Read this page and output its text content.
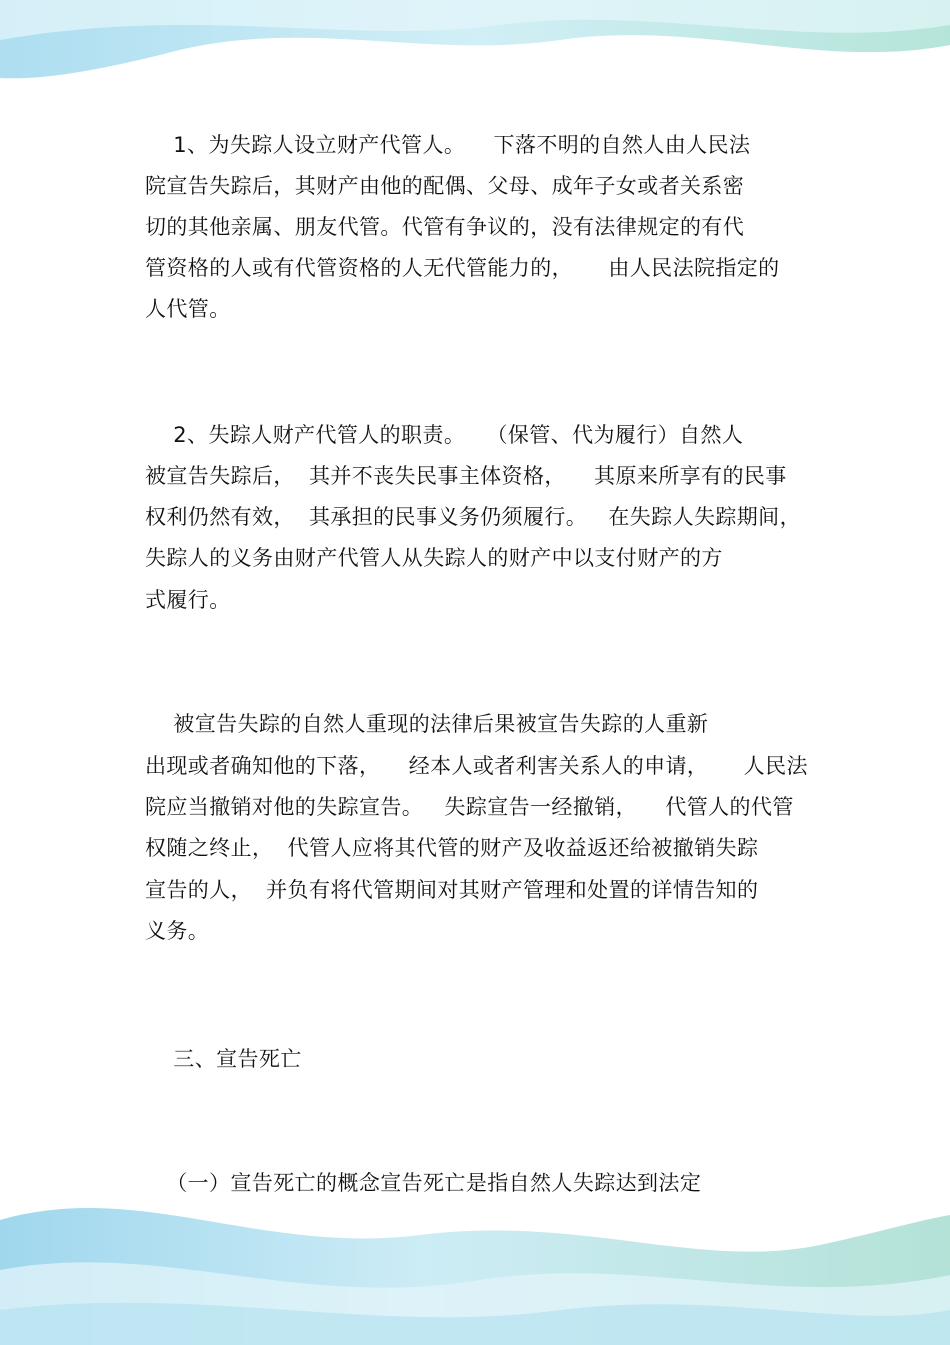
1、为失踪人设立财产代管人。    下落不明的自然人由人民法

院宣告失踪后，其财产由他的配偶、父母、成年子女或者关系密

切的其他亲属、朋友代管。代管有争议的，没有法律规定的有代

管资格的人或有代管资格的人无代管能力的，     由人民法院指定的

人代管。

2、失踪人财产代管人的职责。   （保管、代为履行）自然人

被宣告失踪后，  其并不丧失民事主体资格，    其原来所享有的民事

权利仍然有效，  其承担的民事义务仍须履行。   在失踪人失踪期间，

失踪人的义务由财产代管人从失踪人的财产中以支付财产的方

式履行。

被宣告失踪的自然人重现的法律后果被宣告失踪的人重新

出现或者确知他的下落，    经本人或者利害关系人的申请，     人民法

院应当撤销对他的失踪宣告。   失踪宣告一经撤销，    代管人的代管

权随之终止，  代管人应将其代管的财产及收益返还给被撤销失踪

宣告的人，  并负有将代管期间对其财产管理和处置的详情告知的

义务。

三、宣告死亡

（一）宣告死亡的概念宣告死亡是指自然人失踪达到法定
